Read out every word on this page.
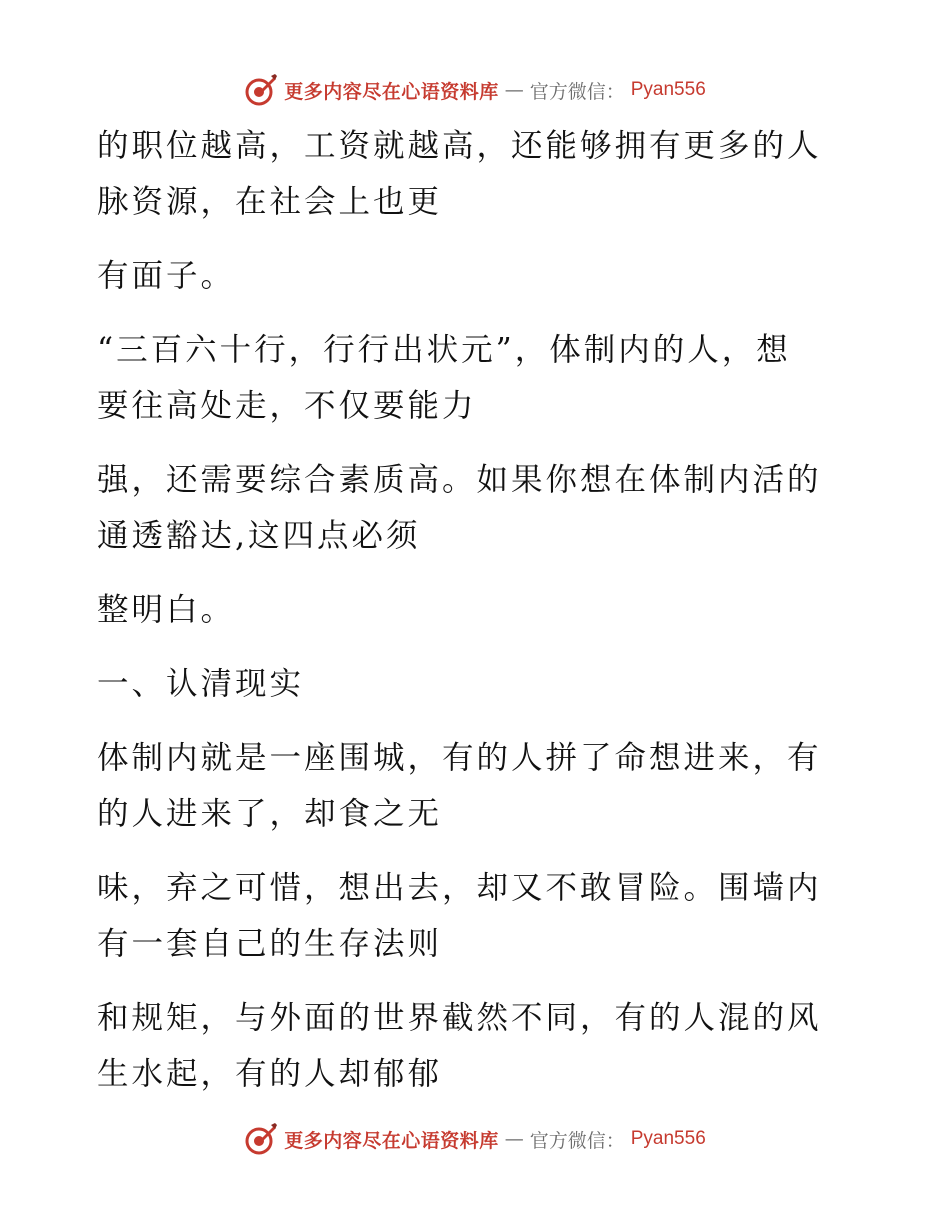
更多内容尽在心语资料库 — 官方微信： Pyan556

的职位越高，工资就越高，还能够拥有更多的人
脉资源，在社会上也更

有面子。

“三百六十行，行行出状元”，体制内的人，想
要往高处走，不仅要能力

强，还需要综合素质高。如果你想在体制内活的
通透豁达,这四点必须

整明白。

一、认清现实

体制内就是一座围城，有的人拼了命想进来，有
的人进来了，却食之无

味，弃之可惜，想出去，却又不敢冒险。围墙内
有一套自己的生存法则

和规矩，与外面的世界截然不同，有的人混的风
生水起，有的人却郁郁

更多内容尽在心语资料库 — 官方微信： Pyan556
